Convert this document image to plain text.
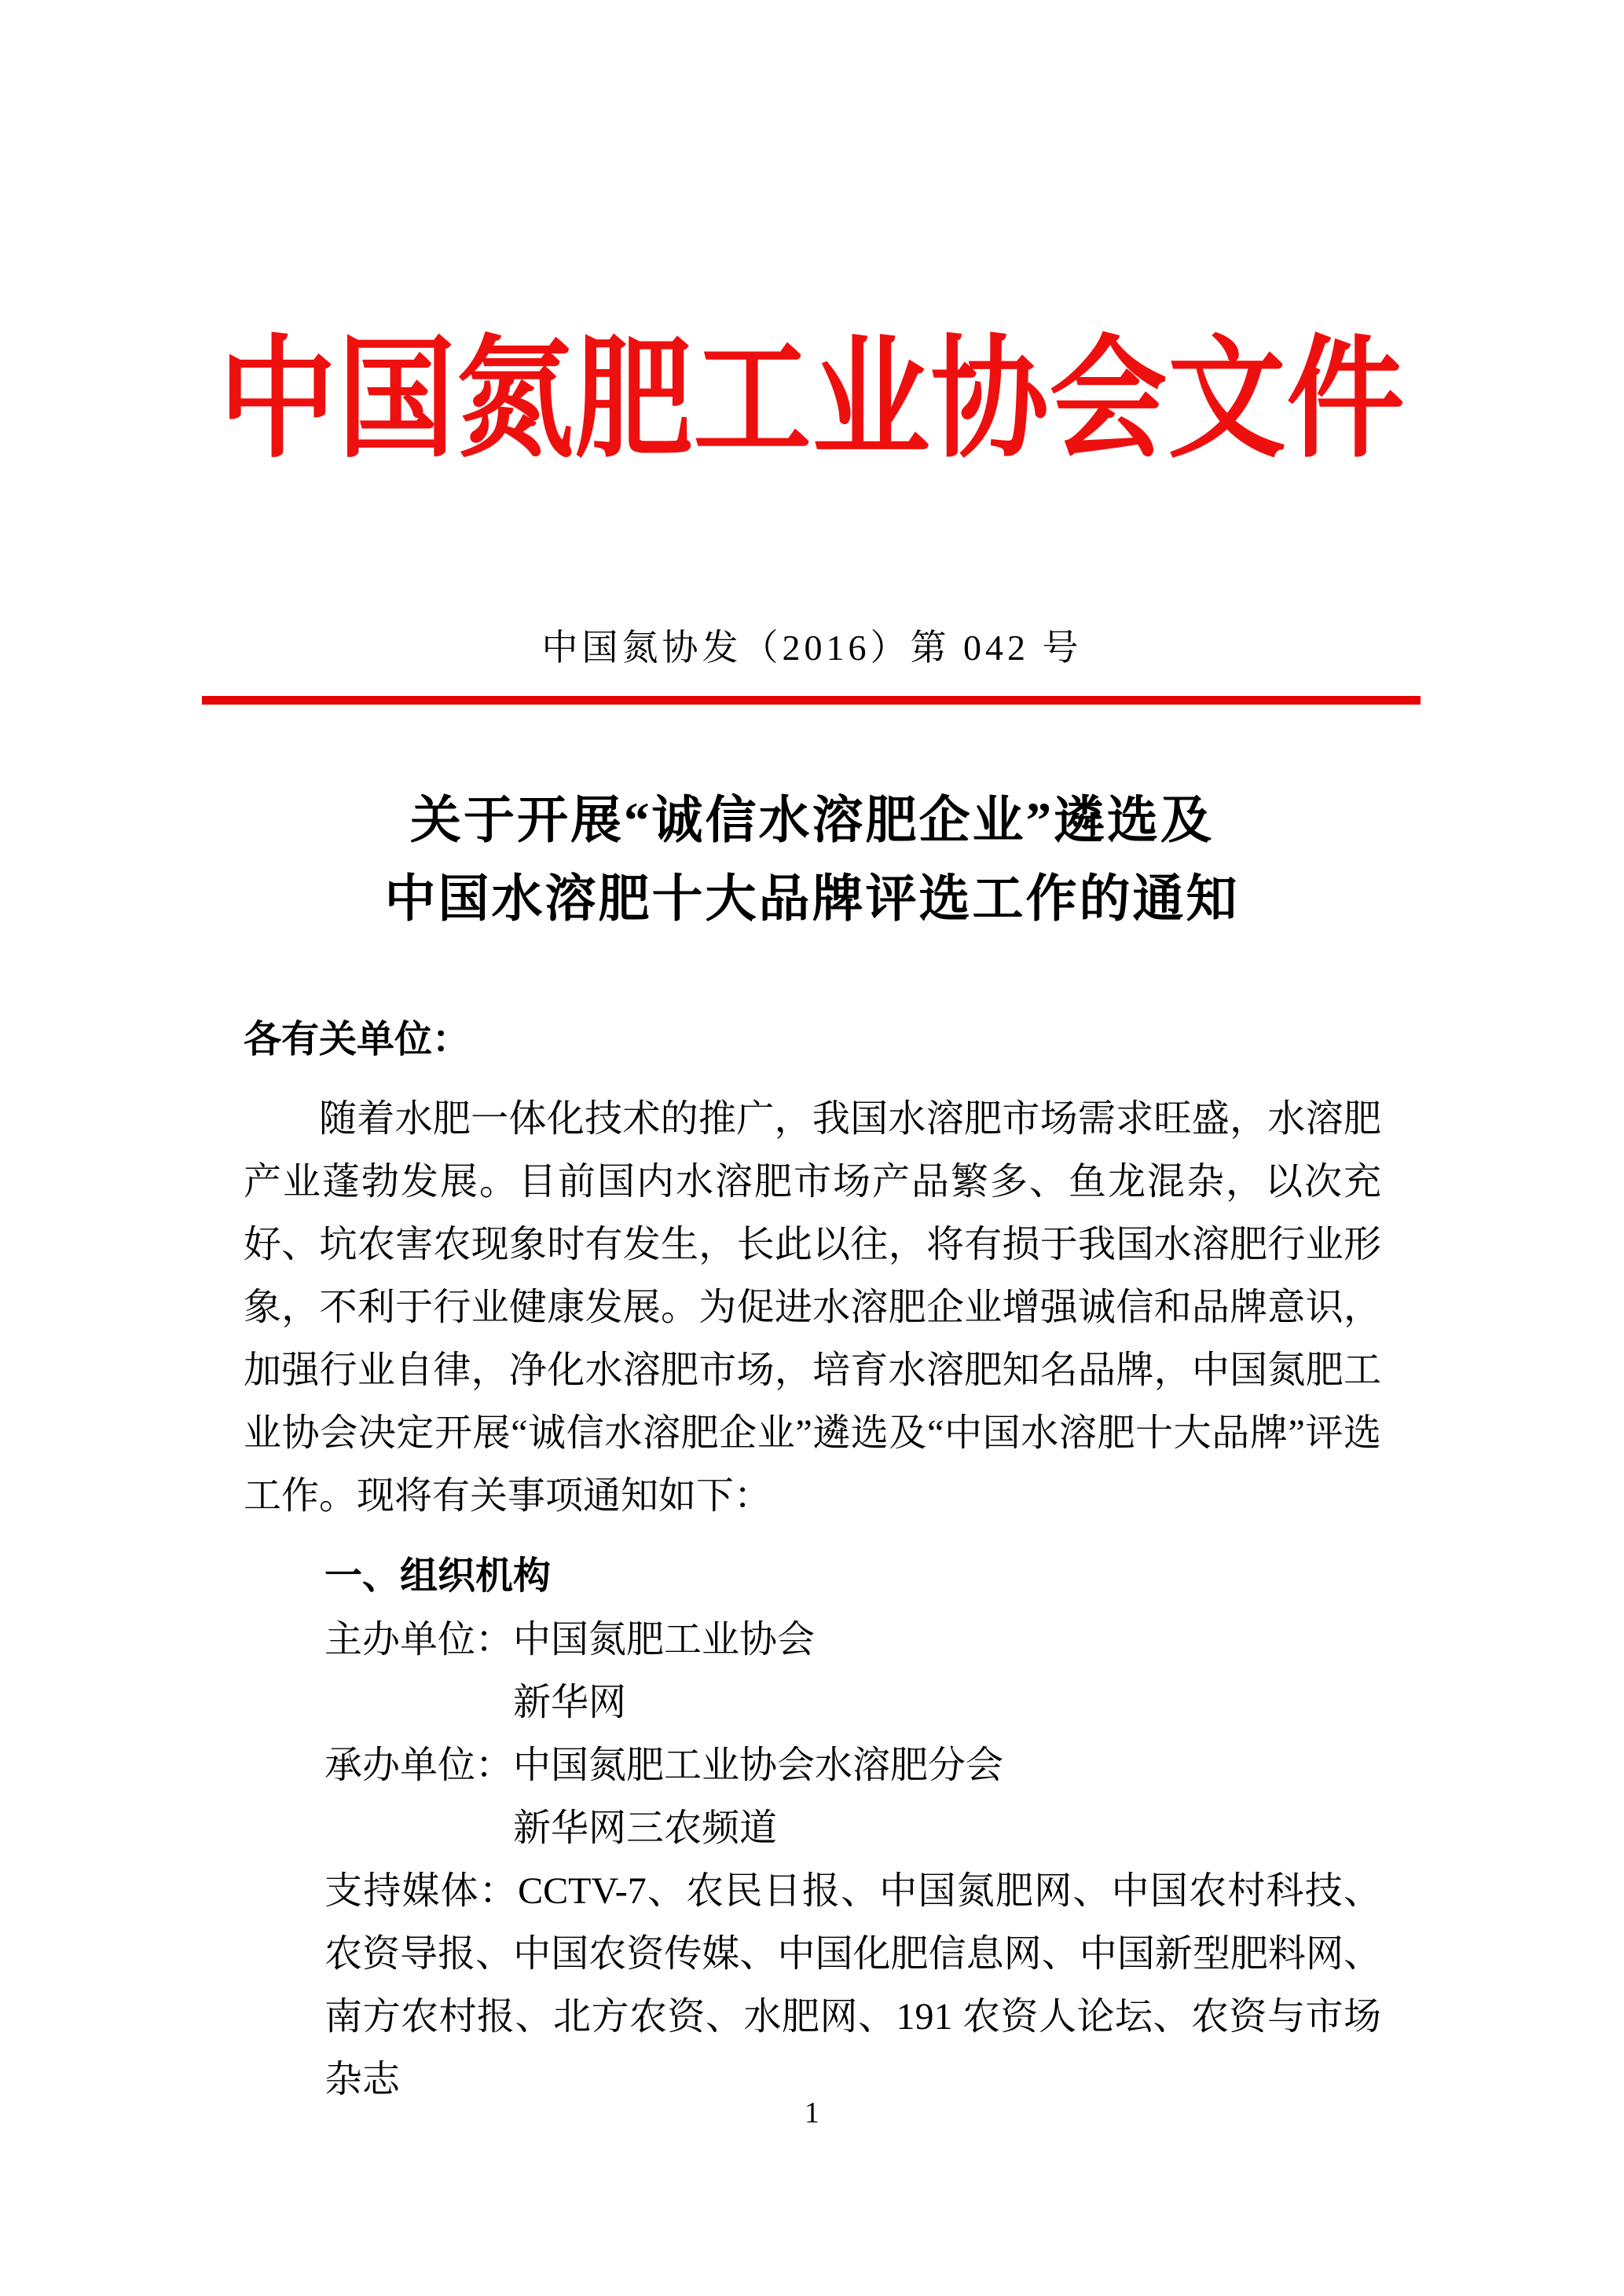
中国氮肥工业协会文件
中国氮协发（2016）第 042 号
关于开展“诚信水溶肥企业”遴选及
中国水溶肥十大品牌评选工作的通知
各有关单位：
随着水肥一体化技术的推广，我国水溶肥市场需求旺盛，水溶肥产业蓬勃发展。目前国内水溶肥市场产品繁多、鱼龙混杂，以次充好、坑农害农现象时有发生，长此以往，将有损于我国水溶肥行业形象，不利于行业健康发展。为促进水溶肥企业增强诚信和品牌意识，加强行业自律，净化水溶肥市场，培育水溶肥知名品牌，中国氮肥工业协会决定开展“诚信水溶肥企业”遴选及“中国水溶肥十大品牌”评选工作。现将有关事项通知如下：
一、组织机构
主办单位：中国氮肥工业协会
新华网
承办单位：中国氮肥工业协会水溶肥分会
新华网三农频道
支持媒体：CCTV-7、农民日报、中国氮肥网、中国农村科技、农资导报、中国农资传媒、中国化肥信息网、中国新型肥料网、南方农村报、北方农资、水肥网、191 农资人论坛、农资与市场杂志
1
